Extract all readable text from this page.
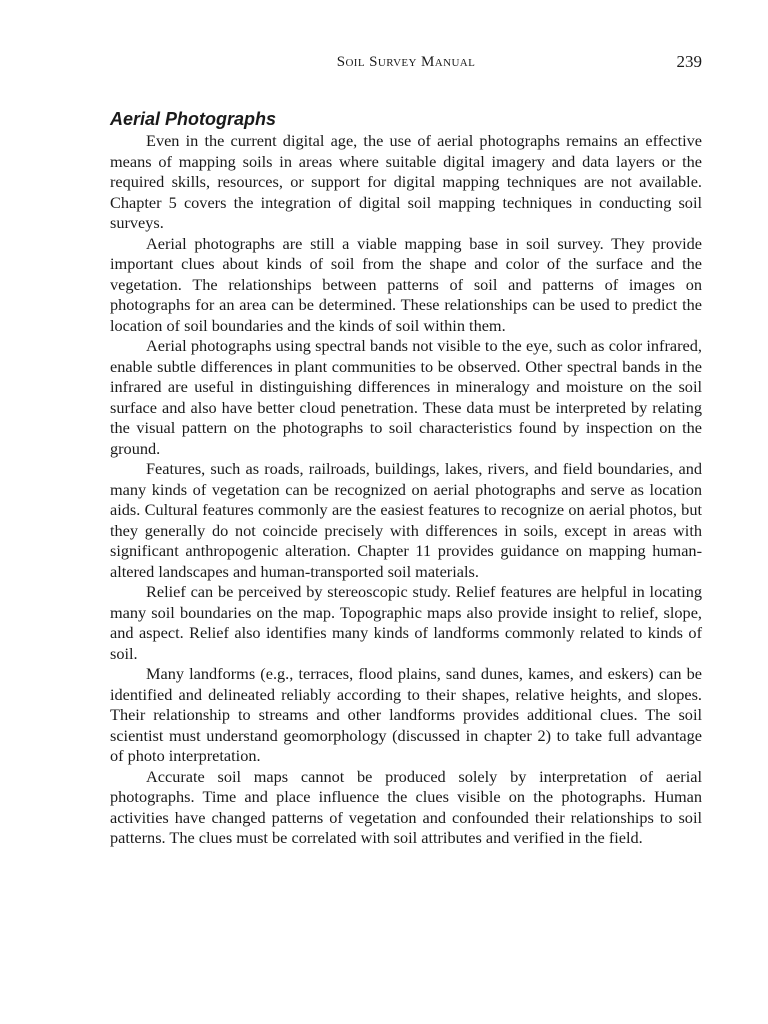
Soil Survey Manual	239
Aerial Photographs

Even in the current digital age, the use of aerial photographs remains an effective means of mapping soils in areas where suitable digital imagery and data layers or the required skills, resources, or support for digital mapping techniques are not available. Chapter 5 covers the integration of digital soil mapping techniques in conducting soil surveys.

Aerial photographs are still a viable mapping base in soil survey. They provide important clues about kinds of soil from the shape and color of the surface and the vegetation. The relationships between patterns of soil and patterns of images on photographs for an area can be determined. These relationships can be used to predict the location of soil boundaries and the kinds of soil within them.

Aerial photographs using spectral bands not visible to the eye, such as color infrared, enable subtle differences in plant communities to be observed. Other spectral bands in the infrared are useful in distinguishing differences in mineralogy and moisture on the soil surface and also have better cloud penetration. These data must be interpreted by relating the visual pattern on the photographs to soil characteristics found by inspection on the ground.

Features, such as roads, railroads, buildings, lakes, rivers, and field boundaries, and many kinds of vegetation can be recognized on aerial photographs and serve as location aids. Cultural features commonly are the easiest features to recognize on aerial photos, but they generally do not coincide precisely with differences in soils, except in areas with significant anthropogenic alteration. Chapter 11 provides guidance on mapping human-altered landscapes and human-transported soil materials.

Relief can be perceived by stereoscopic study. Relief features are helpful in locating many soil boundaries on the map. Topographic maps also provide insight to relief, slope, and aspect. Relief also identifies many kinds of landforms commonly related to kinds of soil.

Many landforms (e.g., terraces, flood plains, sand dunes, kames, and eskers) can be identified and delineated reliably according to their shapes, relative heights, and slopes. Their relationship to streams and other landforms provides additional clues. The soil scientist must understand geomorphology (discussed in chapter 2) to take full advantage of photo interpretation.

Accurate soil maps cannot be produced solely by interpretation of aerial photographs. Time and place influence the clues visible on the photographs. Human activities have changed patterns of vegetation and confounded their relationships to soil patterns. The clues must be correlated with soil attributes and verified in the field.
